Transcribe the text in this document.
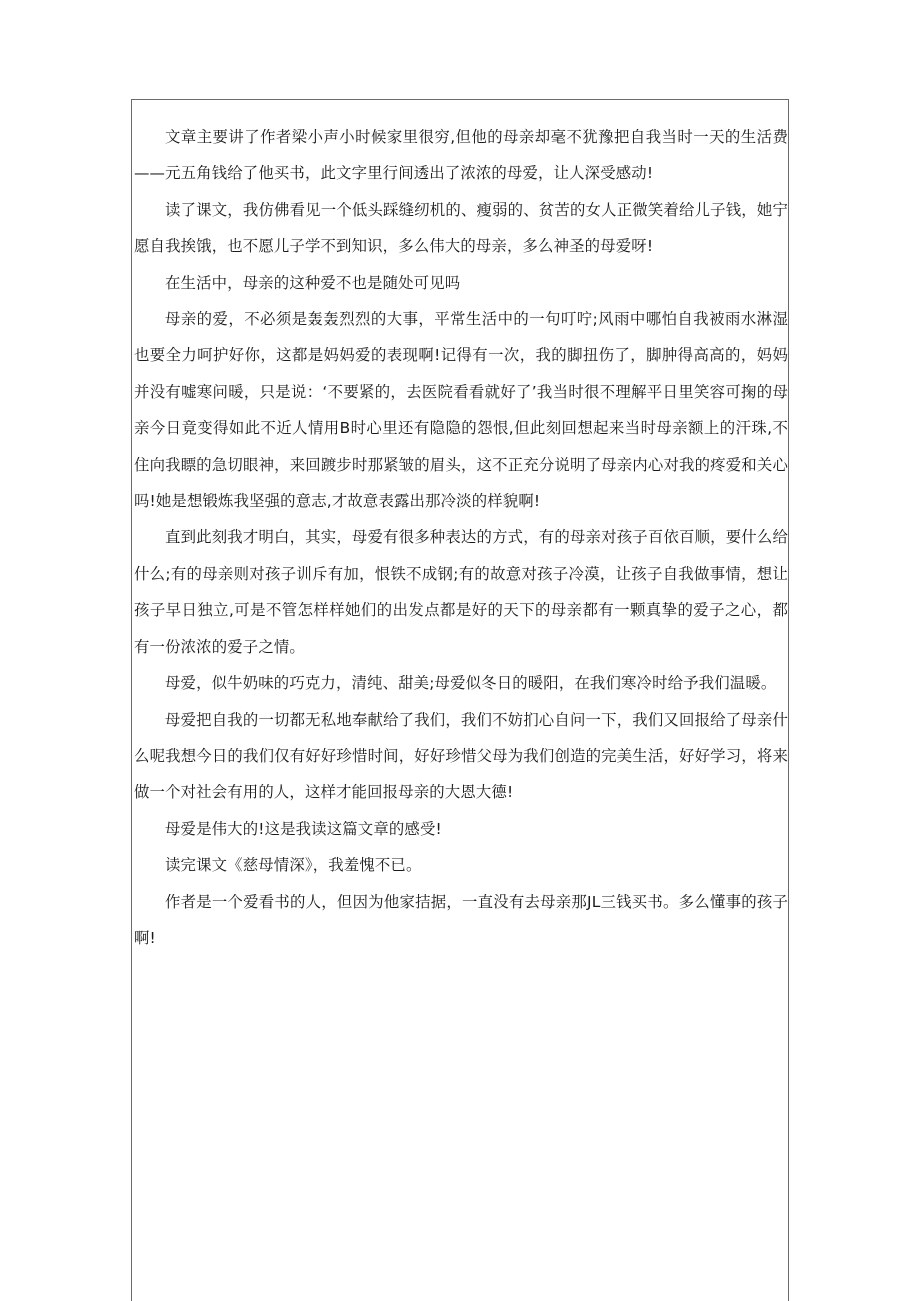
文章主要讲了作者梁小声小时候家里很穷,但他的母亲却毫不犹豫把自我当时一天的生活费——元五角钱给了他买书，此文字里行间透出了浓浓的母爱，让人深受感动!

读了课文，我仿佛看见一个低头踩缝纫机的、瘦弱的、贫苦的女人正微笑着给儿子钱，她宁愿自我挨饿，也不愿儿子学不到知识，多么伟大的母亲，多么神圣的母爱呀!

在生活中，母亲的这种爱不也是随处可见吗

母亲的爱，不必须是轰轰烈烈的大事，平常生活中的一句叮咛;风雨中哪怕自我被雨水淋湿也要全力呵护好你，这都是妈妈爱的表现啊!记得有一次，我的脚扭伤了，脚肿得高高的，妈妈并没有嘘寒问暖，只是说：‘不要紧的，去医院看看就好了’我当时很不理解平日里笑容可掬的母亲今日竟变得如此不近人情用B时心里还有隐隐的怨恨,但此刻回想起来当时母亲额上的汗珠,不住向我瞟的急切眼神，来回踱步时那紧皱的眉头，这不正充分说明了母亲内心对我的疼爱和关心吗!她是想锻炼我坚强的意志,才故意表露出那冷淡的样貌啊!

直到此刻我才明白，其实，母爱有很多种表达的方式，有的母亲对孩子百依百顺，要什么给什么;有的母亲则对孩子训斥有加，恨铁不成钢;有的故意对孩子冷漠，让孩子自我做事情，想让孩子早日独立,可是不管怎样样她们的出发点都是好的天下的母亲都有一颗真挚的爱子之心，都有一份浓浓的爱子之情。

母爱，似牛奶味的巧克力，清纯、甜美;母爱似冬日的暖阳，在我们寒冷时给予我们温暖。

母爱把自我的一切都无私地奉献给了我们，我们不妨扪心自问一下，我们又回报给了母亲什么呢我想今日的我们仅有好好珍惜时间，好好珍惜父母为我们创造的完美生活，好好学习，将来做一个对社会有用的人，这样才能回报母亲的大恩大德!

母爱是伟大的!这是我读这篇文章的感受!

读完课文《慈母情深》，我羞愧不已。

作者是一个爱看书的人，但因为他家拮据，一直没有去母亲那JL三钱买书。多么懂事的孩子啊!
